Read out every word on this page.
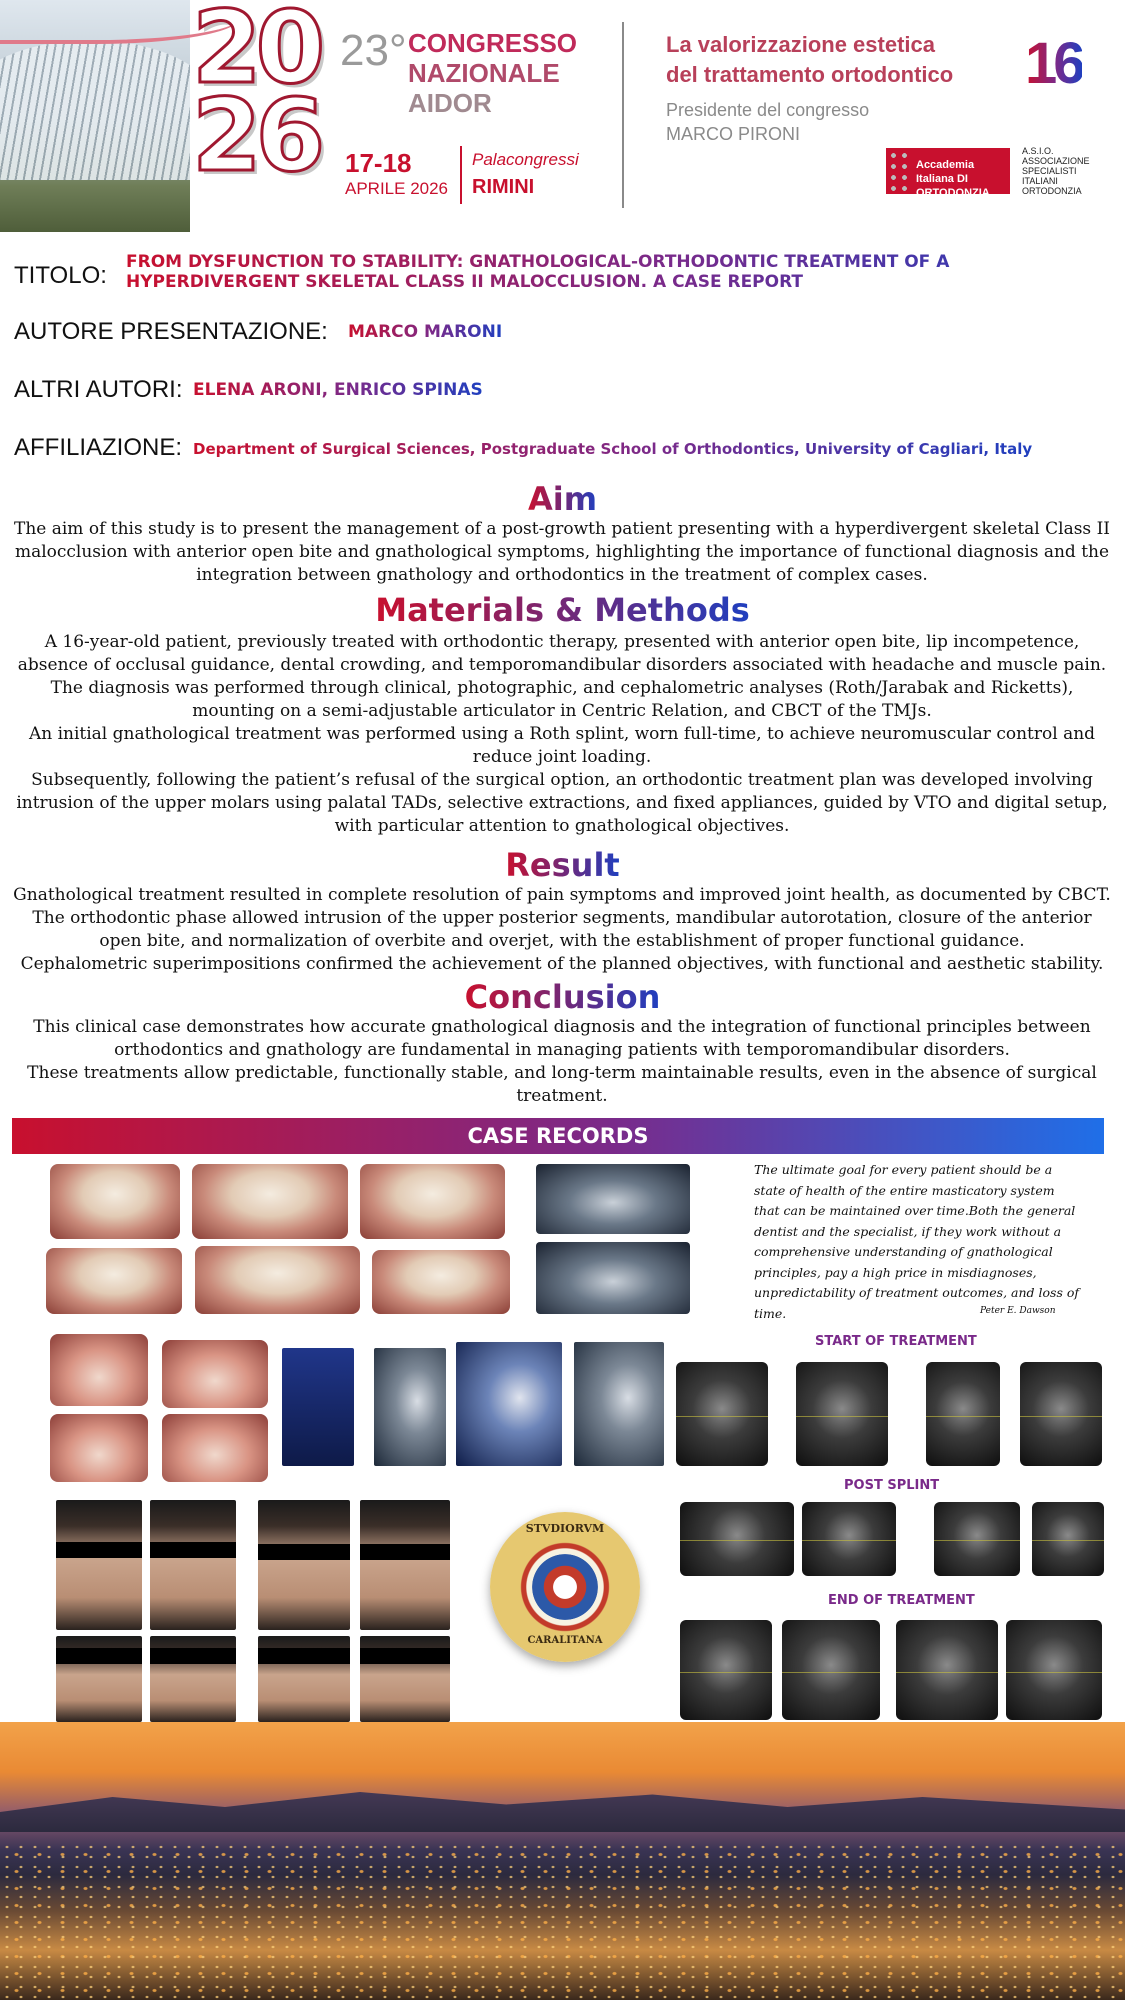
20
26
23° CONGRESSO
NAZIONALE
AIDOR
17-18
APRILE 2026
Palacongressi
RIMINI
La valorizzazione estetica
del trattamento ortodontico
Presidente del congresso
MARCO PIRONI
16
Accademia Italiana DI ORTODONZIA
A.S.I.O. ASSOCIAZIONE SPECIALISTI ITALIANI ORTODONZIA
TITOLO: FROM DYSFUNCTION TO STABILITY: GNATHOLOGICAL-ORTHODONTIC TREATMENT OF A HYPERDIVERGENT SKELETAL CLASS II MALOCCLUSION. A CASE REPORT
AUTORE PRESENTAZIONE: MARCO MARONI
ALTRI AUTORI: ELENA ARONI, ENRICO SPINAS
AFFILIAZIONE: Department of Surgical Sciences, Postgraduate School of Orthodontics, University of Cagliari, Italy
Aim

The aim of this study is to present the management of a post-growth patient presenting with a hyperdivergent skeletal Class II malocclusion with anterior open bite and gnathological symptoms, highlighting the importance of functional diagnosis and the integration between gnathology and orthodontics in the treatment of complex cases.

Materials & Methods

A 16-year-old patient, previously treated with orthodontic therapy, presented with anterior open bite, lip incompetence, absence of occlusal guidance, dental crowding, and temporomandibular disorders associated with headache and muscle pain.

The diagnosis was performed through clinical, photographic, and cephalometric analyses (Roth/Jarabak and Ricketts), mounting on a semi-adjustable articulator in Centric Relation, and CBCT of the TMJs.

An initial gnathological treatment was performed using a Roth splint, worn full-time, to achieve neuromuscular control and reduce joint loading.

Subsequently, following the patient’s refusal of the surgical option, an orthodontic treatment plan was developed involving intrusion of the upper molars using palatal TADs, selective extractions, and fixed appliances, guided by VTO and digital setup, with particular attention to gnathological objectives.

Result

Gnathological treatment resulted in complete resolution of pain symptoms and improved joint health, as documented by CBCT.

The orthodontic phase allowed intrusion of the upper posterior segments, mandibular autorotation, closure of the anterior open bite, and normalization of overbite and overjet, with the establishment of proper functional guidance.

Cephalometric superimpositions confirmed the achievement of the planned objectives, with functional and aesthetic stability.

Conclusion

This clinical case demonstrates how accurate gnathological diagnosis and the integration of functional principles between orthodontics and gnathology are fundamental in managing patients with temporomandibular disorders.

These treatments allow predictable, functionally stable, and long-term maintainable results, even in the absence of surgical treatment.

CASE RECORDS
The ultimate goal for every patient should be a state of health of the entire masticatory system that can be maintained over time.Both the general dentist and the specialist, if they work without a comprehensive understanding of gnathological principles, pay a high price in misdiagnoses, unpredictability of treatment outcomes, and loss of time.	Peter E. Dawson
START OF TREATMENT
POST SPLINT
END OF TREATMENT
STVDIORVM
CARALITANA
